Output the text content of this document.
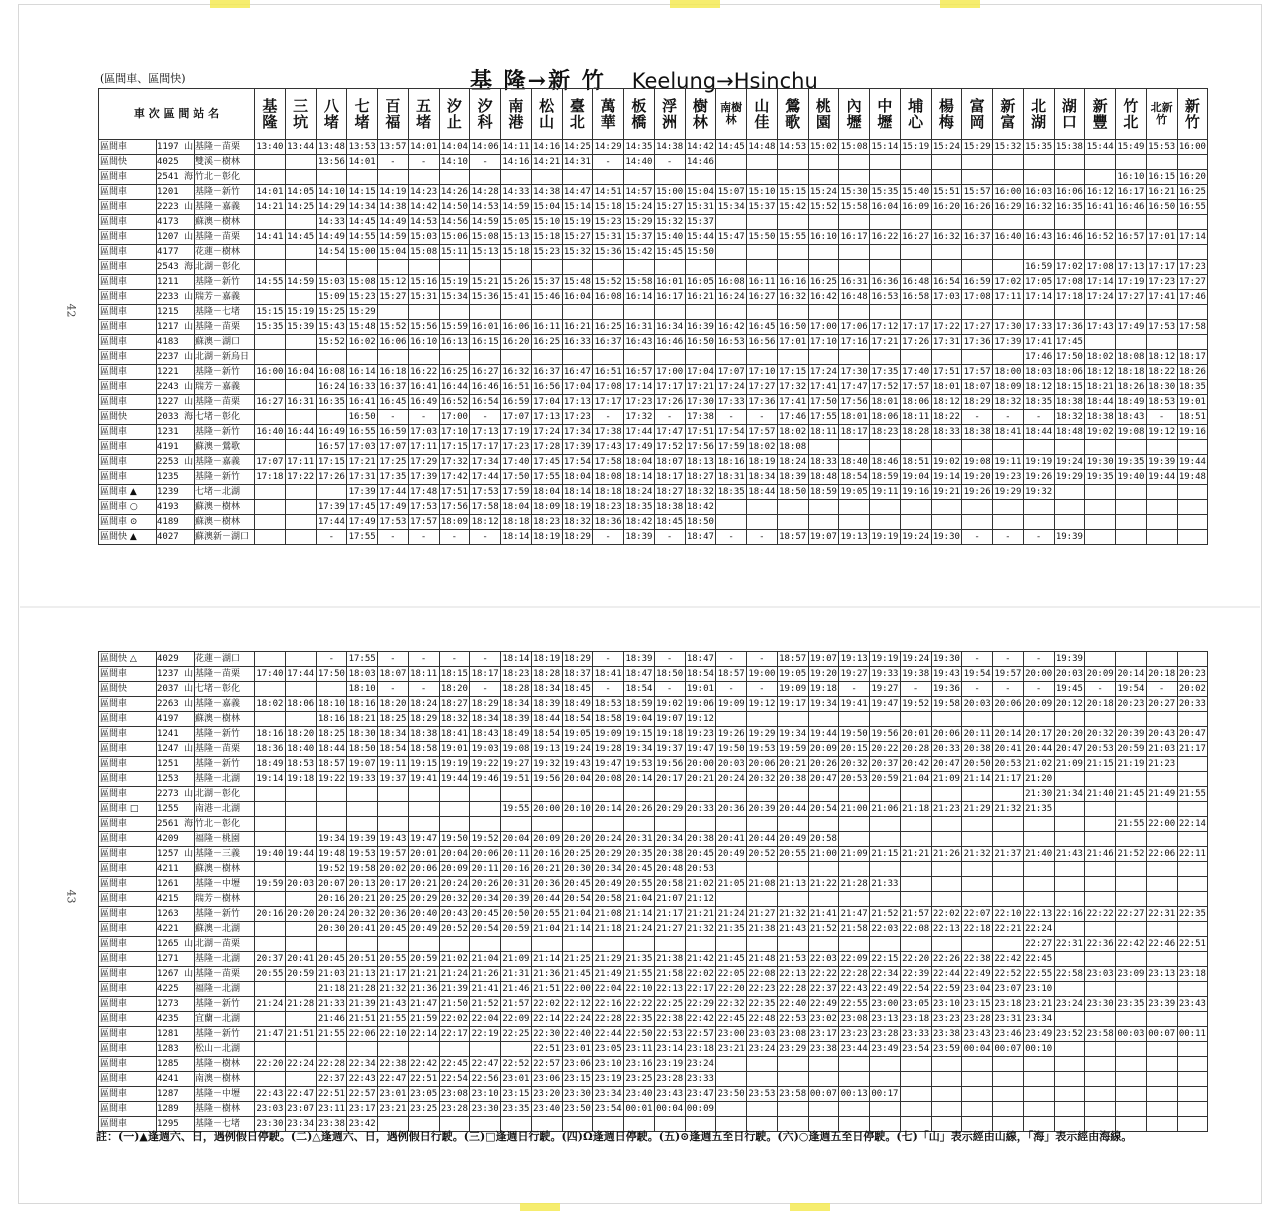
42
43
(區間車、區間快)	基 隆→新 竹 Keelung→Hsinchu
車 次 區 間 站 名			基隆	三坑	八堵	七堵	百福	五堵	汐止	汐科	南港	松山	臺北	萬華	板橋	浮洲	樹林	南樹林	山佳	鶯歌	桃園	內壢	中壢	埔心	楊梅	富岡	新富	北湖	湖口	新豐	竹北	北新竹	新竹
區間車	1197 山	基隆－苗栗	13:40	13:44	13:48	13:53	13:57	14:01	14:04	14:06	14:11	14:16	14:25	14:29	14:35	14:38	14:42	14:45	14:48	14:53	15:02	15:08	15:14	15:19	15:24	15:29	15:32	15:35	15:38	15:44	15:49	15:53	16:00
區間快	4025	雙溪－樹林			13:56	14:01	-	-	14:10	-	14:16	14:21	14:31	-	14:40	-	14:46																
區間車	2541 海	竹北－彰化																													16:10	16:15	16:20
區間車	1201	基隆－新竹	14:01	14:05	14:10	14:15	14:19	14:23	14:26	14:28	14:33	14:38	14:47	14:51	14:57	15:00	15:04	15:07	15:10	15:15	15:24	15:30	15:35	15:40	15:51	15:57	16:00	16:03	16:06	16:12	16:17	16:21	16:25
區間車	2223 山	基隆－嘉義	14:21	14:25	14:29	14:34	14:38	14:42	14:50	14:53	14:59	15:04	15:14	15:18	15:24	15:27	15:31	15:34	15:37	15:42	15:52	15:58	16:04	16:09	16:20	16:26	16:29	16:32	16:35	16:41	16:46	16:50	16:55
區間車	4173	蘇澳－樹林			14:33	14:45	14:49	14:53	14:56	14:59	15:05	15:10	15:19	15:23	15:29	15:32	15:37																
區間車	1207 山	基隆－苗栗	14:41	14:45	14:49	14:55	14:59	15:03	15:06	15:08	15:13	15:18	15:27	15:31	15:37	15:40	15:44	15:47	15:50	15:55	16:10	16:17	16:22	16:27	16:32	16:37	16:40	16:43	16:46	16:52	16:57	17:01	17:14
區間車	4177	花蓮－樹林			14:54	15:00	15:04	15:08	15:11	15:13	15:18	15:23	15:32	15:36	15:42	15:45	15:50																
區間車	2543 海	北湖－彰化																										16:59	17:02	17:08	17:13	17:17	17:23
區間車	1211	基隆－新竹	14:55	14:59	15:03	15:08	15:12	15:16	15:19	15:21	15:26	15:37	15:48	15:52	15:58	16:01	16:05	16:08	16:11	16:16	16:25	16:31	16:36	16:48	16:54	16:59	17:02	17:05	17:08	17:14	17:19	17:23	17:27
區間車	2233 山	瑞芳－嘉義			15:09	15:23	15:27	15:31	15:34	15:36	15:41	15:46	16:04	16:08	16:14	16:17	16:21	16:24	16:27	16:32	16:42	16:48	16:53	16:58	17:03	17:08	17:11	17:14	17:18	17:24	17:27	17:41	17:46
區間車	1215	基隆－七堵	15:15	15:19	15:25	15:29																											
區間車	1217 山	基隆－苗栗	15:35	15:39	15:43	15:48	15:52	15:56	15:59	16:01	16:06	16:11	16:21	16:25	16:31	16:34	16:39	16:42	16:45	16:50	17:00	17:06	17:12	17:17	17:22	17:27	17:30	17:33	17:36	17:43	17:49	17:53	17:58
區間車	4183	蘇澳－湖口			15:52	16:02	16:06	16:10	16:13	16:15	16:20	16:25	16:33	16:37	16:43	16:46	16:50	16:53	16:56	17:01	17:10	17:16	17:21	17:26	17:31	17:36	17:39	17:41	17:45				
區間車	2237 山	北湖－新烏日																										17:46	17:50	18:02	18:08	18:12	18:17
區間車	1221	基隆－新竹	16:00	16:04	16:08	16:14	16:18	16:22	16:25	16:27	16:32	16:37	16:47	16:51	16:57	17:00	17:04	17:07	17:10	17:15	17:24	17:30	17:35	17:40	17:51	17:57	18:00	18:03	18:06	18:12	18:18	18:22	18:26
區間車	2243 山	瑞芳－嘉義			16:24	16:33	16:37	16:41	16:44	16:46	16:51	16:56	17:04	17:08	17:14	17:17	17:21	17:24	17:27	17:32	17:41	17:47	17:52	17:57	18:01	18:07	18:09	18:12	18:15	18:21	18:26	18:30	18:35
區間車	1227 山	基隆－苗栗	16:27	16:31	16:35	16:41	16:45	16:49	16:52	16:54	16:59	17:04	17:13	17:17	17:23	17:26	17:30	17:33	17:36	17:41	17:50	17:56	18:01	18:06	18:12	18:29	18:32	18:35	18:38	18:44	18:49	18:53	19:01
區間快	2033 海	七堵－彰化				16:50	-	-	17:00	-	17:07	17:13	17:23	-	17:32	-	17:38	-	-	17:46	17:55	18:01	18:06	18:11	18:22	-	-	-	18:32	18:38	18:43	-	18:51
區間車	1231	基隆－新竹	16:40	16:44	16:49	16:55	16:59	17:03	17:10	17:13	17:19	17:24	17:34	17:38	17:44	17:47	17:51	17:54	17:57	18:02	18:11	18:17	18:23	18:28	18:33	18:38	18:41	18:44	18:48	19:02	19:08	19:12	19:16
區間車	4191	蘇澳－鶯歌			16:57	17:03	17:07	17:11	17:15	17:17	17:23	17:28	17:39	17:43	17:49	17:52	17:56	17:59	18:02	18:08													
區間車	2253 山	基隆－嘉義	17:07	17:11	17:15	17:21	17:25	17:29	17:32	17:34	17:40	17:45	17:54	17:58	18:04	18:07	18:13	18:16	18:19	18:24	18:33	18:40	18:46	18:51	19:02	19:08	19:11	19:19	19:24	19:30	19:35	19:39	19:44
區間車	1235	基隆－新竹	17:18	17:22	17:26	17:31	17:35	17:39	17:42	17:44	17:50	17:55	18:04	18:08	18:14	18:17	18:27	18:31	18:34	18:39	18:48	18:54	18:59	19:04	19:14	19:20	19:23	19:26	19:29	19:35	19:40	19:44	19:48
區間車 ▲	1239	七堵－北湖				17:39	17:44	17:48	17:51	17:53	17:59	18:04	18:14	18:18	18:24	18:27	18:32	18:35	18:44	18:50	18:59	19:05	19:11	19:16	19:21	19:26	19:29	19:32					
區間車 ○	4193	蘇澳－樹林			17:39	17:45	17:49	17:53	17:56	17:58	18:04	18:09	18:19	18:23	18:35	18:38	18:42																
區間車 ⊙	4189	蘇澳－樹林			17:44	17:49	17:53	17:57	18:09	18:12	18:18	18:23	18:32	18:36	18:42	18:45	18:50																
區間快 ▲	4027	蘇澳新－湖口			-	17:55	-	-	-	-	18:14	18:19	18:29	-	18:39	-	18:47	-	-	18:57	19:07	19:13	19:19	19:24	19:30	-	-	-	19:39				
區間快 △	4029	花蓮－湖口			-	17:55	-	-	-	-	18:14	18:19	18:29	-	18:39	-	18:47	-	-	18:57	19:07	19:13	19:19	19:24	19:30	-	-	-	19:39				
區間車	1237 山	基隆－苗栗	17:40	17:44	17:50	18:03	18:07	18:11	18:15	18:17	18:23	18:28	18:37	18:41	18:47	18:50	18:54	18:57	19:00	19:05	19:20	19:27	19:33	19:38	19:43	19:54	19:57	20:00	20:03	20:09	20:14	20:18	20:23
區間快	2037 山	七堵－彰化				18:10	-	-	18:20	-	18:28	18:34	18:45	-	18:54	-	19:01	-	-	19:09	19:18	-	19:27	-	19:36	-	-	-	19:45	-	19:54	-	20:02
區間車	2263 山	基隆－嘉義	18:02	18:06	18:10	18:16	18:20	18:24	18:27	18:29	18:34	18:39	18:49	18:53	18:59	19:02	19:06	19:09	19:12	19:17	19:34	19:41	19:47	19:52	19:58	20:03	20:06	20:09	20:12	20:18	20:23	20:27	20:33
區間車	4197	蘇澳－樹林			18:16	18:21	18:25	18:29	18:32	18:34	18:39	18:44	18:54	18:58	19:04	19:07	19:12																
區間車	1241	基隆－新竹	18:16	18:20	18:25	18:30	18:34	18:38	18:41	18:43	18:49	18:54	19:05	19:09	19:15	19:18	19:23	19:26	19:29	19:34	19:44	19:50	19:56	20:01	20:06	20:11	20:14	20:17	20:20	20:32	20:39	20:43	20:47
區間車	1247 山	基隆－苗栗	18:36	18:40	18:44	18:50	18:54	18:58	19:01	19:03	19:08	19:13	19:24	19:28	19:34	19:37	19:47	19:50	19:53	19:59	20:09	20:15	20:22	20:28	20:33	20:38	20:41	20:44	20:47	20:53	20:59	21:03	21:17
區間車	1251	基隆－新竹	18:49	18:53	18:57	19:07	19:11	19:15	19:19	19:22	19:27	19:32	19:43	19:47	19:53	19:56	20:00	20:03	20:06	20:21	20:26	20:32	20:37	20:42	20:47	20:50	20:53	21:02	21:09	21:15	21:19	21:23	
區間車	1253	基隆－北湖	19:14	19:18	19:22	19:33	19:37	19:41	19:44	19:46	19:51	19:56	20:04	20:08	20:14	20:17	20:21	20:24	20:32	20:38	20:47	20:53	20:59	21:04	21:09	21:14	21:17	21:20					
區間車	2273 山	北湖－彰化																										21:30	21:34	21:40	21:45	21:49	21:55
區間車 □	1255	南港－北湖									19:55	20:00	20:10	20:14	20:26	20:29	20:33	20:36	20:39	20:44	20:54	21:00	21:06	21:18	21:23	21:29	21:32	21:35					
區間車	2561 海	竹北－彰化																													21:55	22:00	22:14
區間車	4209	福隆－桃園			19:34	19:39	19:43	19:47	19:50	19:52	20:04	20:09	20:20	20:24	20:31	20:34	20:38	20:41	20:44	20:49	20:58												
區間車	1257 山	基隆－三義	19:40	19:44	19:48	19:53	19:57	20:01	20:04	20:06	20:11	20:16	20:25	20:29	20:35	20:38	20:45	20:49	20:52	20:55	21:00	21:09	21:15	21:21	21:26	21:32	21:37	21:40	21:43	21:46	21:52	22:06	22:11
區間車	4211	蘇澳－樹林			19:52	19:58	20:02	20:06	20:09	20:11	20:16	20:21	20:30	20:34	20:45	20:48	20:53																
區間車	1261	基隆－中壢	19:59	20:03	20:07	20:13	20:17	20:21	20:24	20:26	20:31	20:36	20:45	20:49	20:55	20:58	21:02	21:05	21:08	21:13	21:22	21:28	21:33										
區間車	4215	瑞芳－樹林			20:16	20:21	20:25	20:29	20:32	20:34	20:39	20:44	20:54	20:58	21:04	21:07	21:12																
區間車	1263	基隆－新竹	20:16	20:20	20:24	20:32	20:36	20:40	20:43	20:45	20:50	20:55	21:04	21:08	21:14	21:17	21:21	21:24	21:27	21:32	21:41	21:47	21:52	21:57	22:02	22:07	22:10	22:13	22:16	22:22	22:27	22:31	22:35
區間車	4221	蘇澳－北湖			20:30	20:41	20:45	20:49	20:52	20:54	20:59	21:04	21:14	21:18	21:24	21:27	21:32	21:35	21:38	21:43	21:52	21:58	22:03	22:08	22:13	22:18	22:21	22:24					
區間車	1265 山	北湖－苗栗																										22:27	22:31	22:36	22:42	22:46	22:51
區間車	1271	基隆－北湖	20:37	20:41	20:45	20:51	20:55	20:59	21:02	21:04	21:09	21:14	21:25	21:29	21:35	21:38	21:42	21:45	21:48	21:53	22:03	22:09	22:15	22:20	22:26	22:38	22:42	22:45					
區間車	1267 山	基隆－苗栗	20:55	20:59	21:03	21:13	21:17	21:21	21:24	21:26	21:31	21:36	21:45	21:49	21:55	21:58	22:02	22:05	22:08	22:13	22:22	22:28	22:34	22:39	22:44	22:49	22:52	22:55	22:58	23:03	23:09	23:13	23:18
區間車	4225	福隆－北湖			21:18	21:28	21:32	21:36	21:39	21:41	21:46	21:51	22:00	22:04	22:10	22:13	22:17	22:20	22:23	22:28	22:37	22:43	22:49	22:54	22:59	23:04	23:07	23:10					
區間車	1273	基隆－新竹	21:24	21:28	21:33	21:39	21:43	21:47	21:50	21:52	21:57	22:02	22:12	22:16	22:22	22:25	22:29	22:32	22:35	22:40	22:49	22:55	23:00	23:05	23:10	23:15	23:18	23:21	23:24	23:30	23:35	23:39	23:43
區間車	4235	宜蘭－北湖			21:46	21:51	21:55	21:59	22:02	22:04	22:09	22:14	22:24	22:28	22:35	22:38	22:42	22:45	22:48	22:53	23:02	23:08	23:13	23:18	23:23	23:28	23:31	23:34					
區間車	1281	基隆－新竹	21:47	21:51	21:55	22:06	22:10	22:14	22:17	22:19	22:25	22:30	22:40	22:44	22:50	22:53	22:57	23:00	23:03	23:08	23:17	23:23	23:28	23:33	23:38	23:43	23:46	23:49	23:52	23:58	00:03	00:07	00:11
區間車	1283	松山－北湖										22:51	23:01	23:05	23:11	23:14	23:18	23:21	23:24	23:29	23:38	23:44	23:49	23:54	23:59	00:04	00:07	00:10					
區間車	1285	基隆－樹林	22:20	22:24	22:28	22:34	22:38	22:42	22:45	22:47	22:52	22:57	23:06	23:10	23:16	23:19	23:24																
區間車	4241	南澳－樹林			22:37	22:43	22:47	22:51	22:54	22:56	23:01	23:06	23:15	23:19	23:25	23:28	23:33																
區間車	1287	基隆－中壢	22:43	22:47	22:51	22:57	23:01	23:05	23:08	23:10	23:15	23:20	23:30	23:34	23:40	23:43	23:47	23:50	23:53	23:58	00:07	00:13	00:17										
區間車	1289	基隆－樹林	23:03	23:07	23:11	23:17	23:21	23:25	23:28	23:30	23:35	23:40	23:50	23:54	00:01	00:04	00:09																
區間車	1295	基隆－七堵	23:30	23:34	23:38	23:42																											
註：(一)▲逢週六、日，遇例假日停駛。(二)△逢週六、日，遇例假日行駛。(三)□逢週日行駛。(四)Ω逢週日停駛。(五)⊙逢週五至日行駛。(六)○逢週五至日停駛。(七)「山」表示經由山線，「海」表示經由海線。
